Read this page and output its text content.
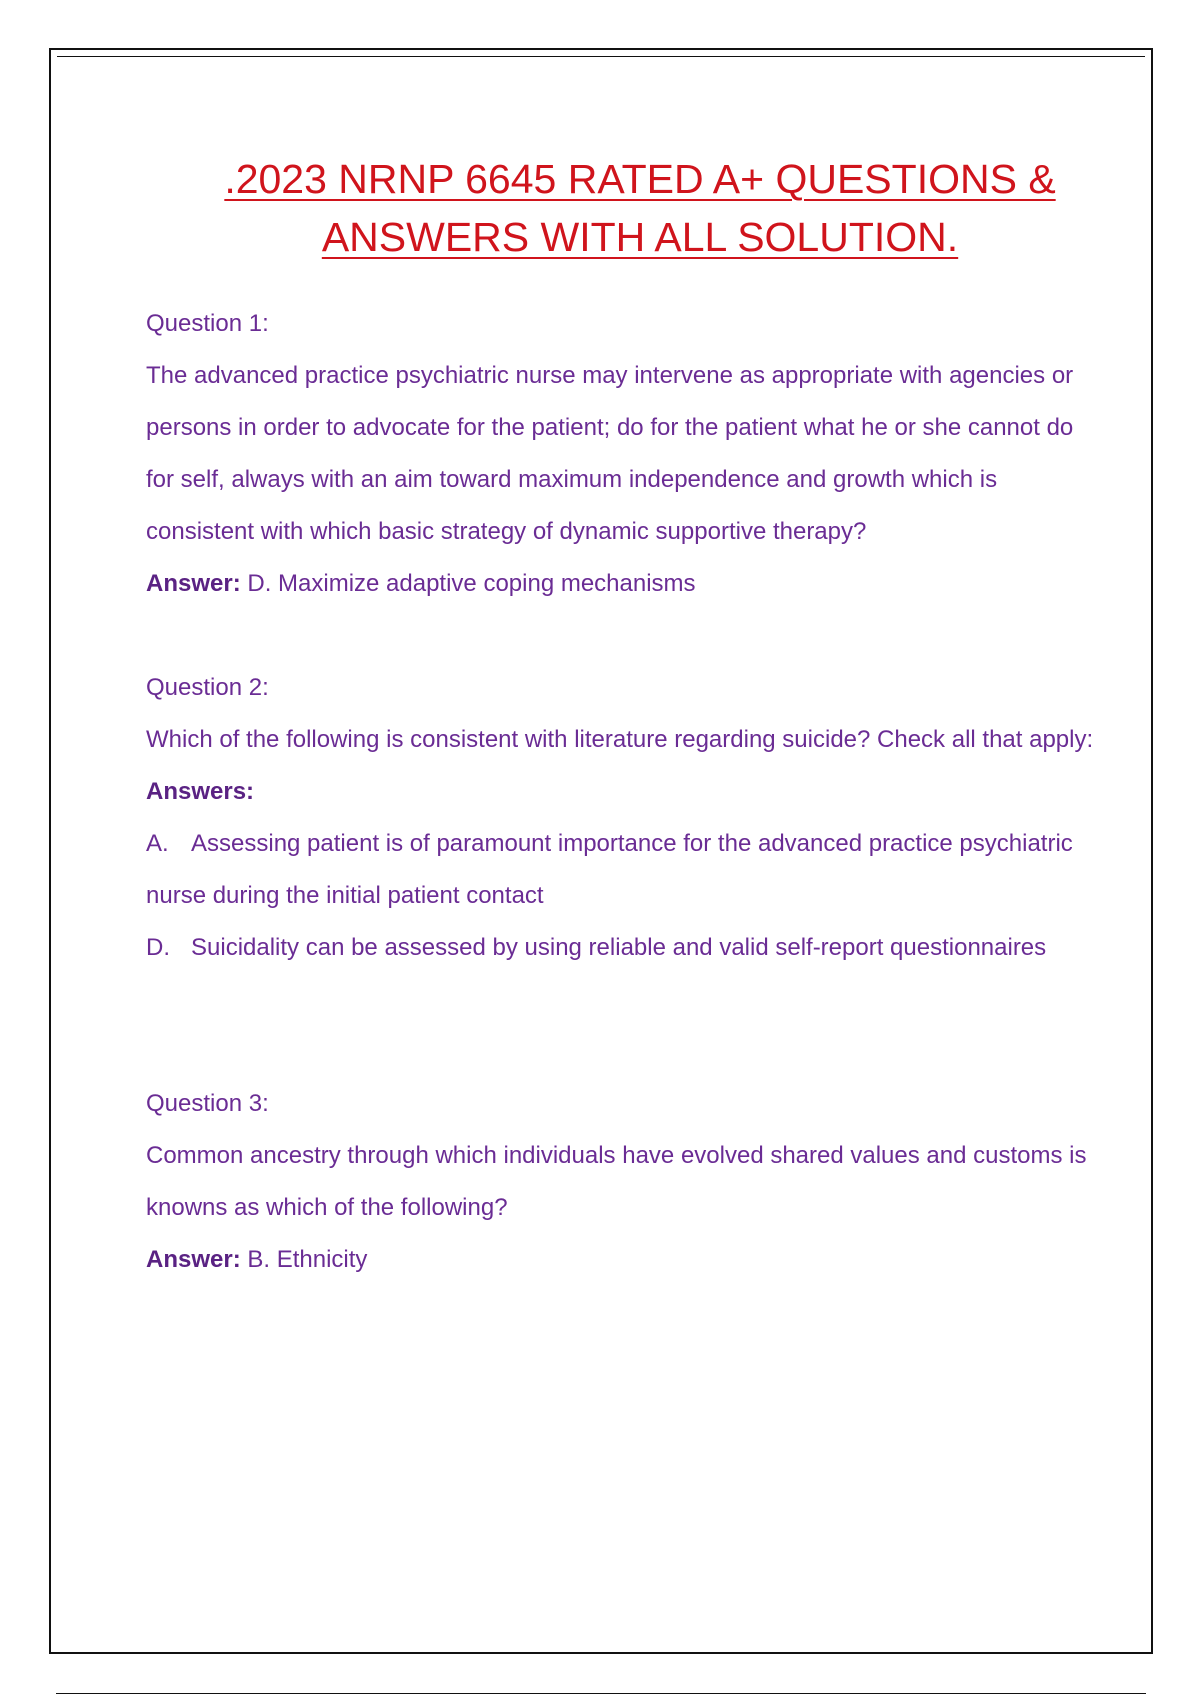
.2023 NRNP 6645 RATED A+ QUESTIONS &
ANSWERS WITH ALL SOLUTION.

Question 1:

The advanced practice psychiatric nurse may intervene as appropriate with agencies or persons in order to advocate for the patient; do for the patient what he or she cannot do for self, always with an aim toward maximum independence and growth which is consistent with which basic strategy of dynamic supportive therapy?

Answer: D. Maximize adaptive coping mechanisms

Question 2:

Which of the following is consistent with literature regarding suicide? Check all that apply:

Answers:

A. Assessing patient is of paramount importance for the advanced practice psychiatric nurse during the initial patient contact

D. Suicidality can be assessed by using reliable and valid self-report questionnaires

Question 3:

Common ancestry through which individuals have evolved shared values and customs is knowns as which of the following?

Answer: B. Ethnicity
